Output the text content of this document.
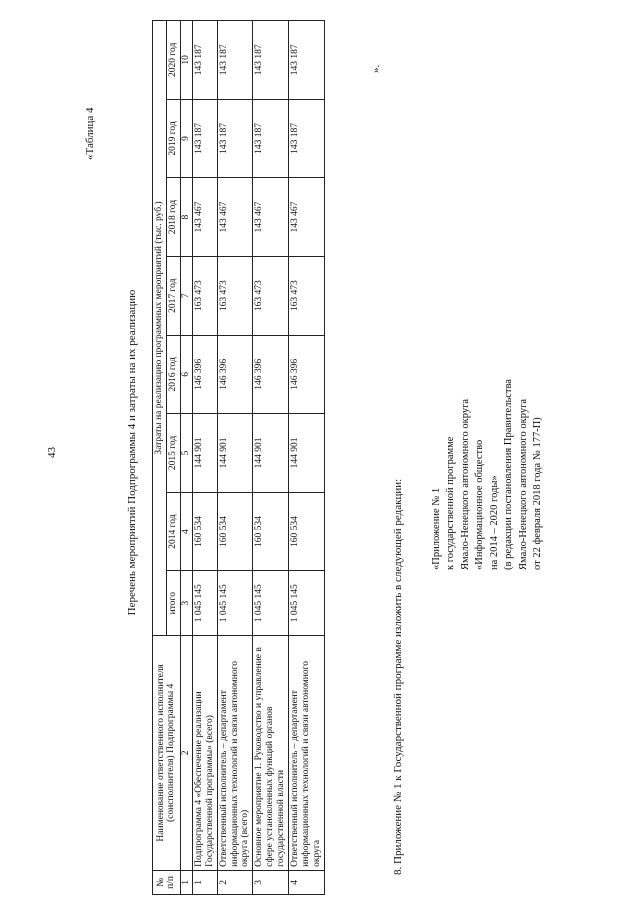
43
«Таблица 4
Перечень мероприятий Подпрограммы 4 и затраты на их реализацию
№ п/п	Наименование ответственного исполнителя (соисполнителя) Подпрограммы 4	Затраты на реализацию программных мероприятий (тыс. руб.)							
		итого	2014 год	2015 год	2016 год	2017 год	2018 год	2019 год	2020 год
1	2	3	4	5	6	7	8	9	10
1	Подпрограмма 4 «Обеспечение реализации Государственной программы» (всего)	1 045 145	160 534	144 901	146 396	163 473	143 467	143 187	143 187
2	Ответственный исполнитель – департамент информационных технологий и связи автономного округа (всего)	1 045 145	160 534	144 901	146 396	163 473	143 467	143 187	143 187
3	Основное мероприятие 1. Руководство и управление в сфере установленных функций органов государственной власти	1 045 145	160 534	144 901	146 396	163 473	143 467	143 187	143 187
4	Ответственный исполнитель – департамент информационных технологий и связи автономного округа	1 045 145	160 534	144 901	146 396	163 473	143 467	143 187	143 187	».
8. Приложение № 1 к Государственной программе изложить в следующей редакции:	«Приложение № 1 к государственной программе Ямало-Ненецкого автономного округа «Информационное общество на 2014 – 2020 годы» (в редакции постановления Правительства Ямало-Ненецкого автономного округа от 22 февраля 2018 года № 177-П)
